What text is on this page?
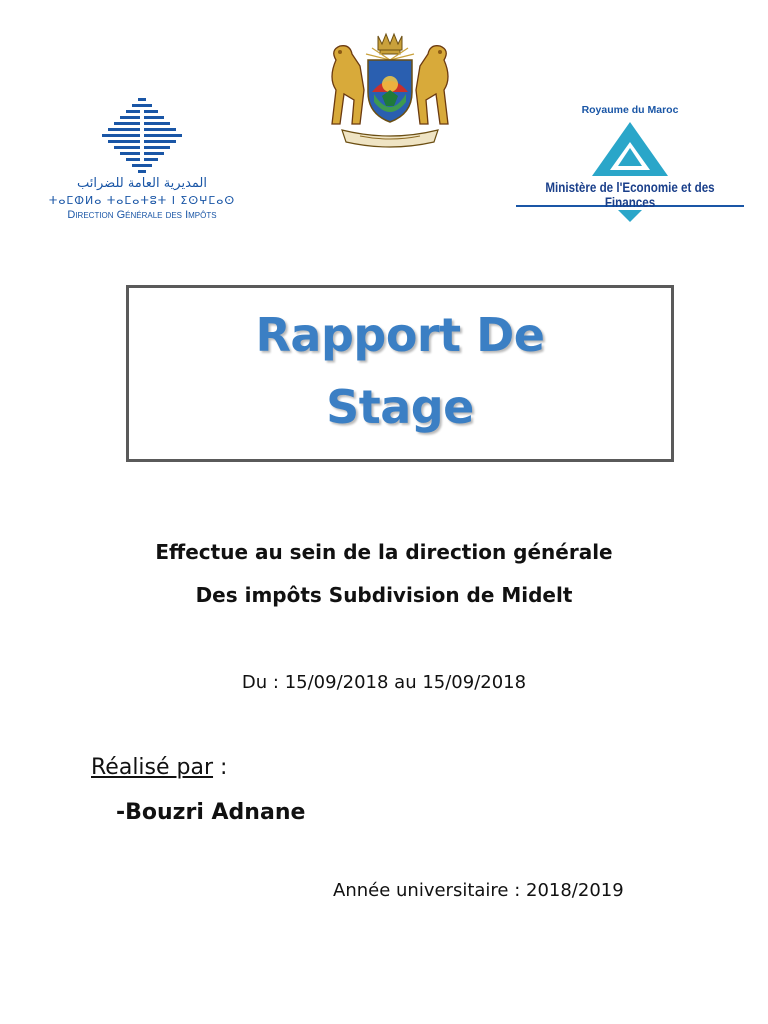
المديرية العامة للضرائب
ⵜⴰⵎⵀⵍⴰ ⵜⴰⵎⴰⵜⵓⵜ ⵏ ⵉⵙⵖⵎⴰⵙ
Direction Générale des Impôts
Royaume du Maroc
Ministère de l'Economie et des Finances
Rapport De
Stage
Effectue au sein de la direction générale
Des impôts Subdivision de Midelt
Du : 15/09/2018 au 15/09/2018
Réalisé par :
-Bouzri Adnane
Année universitaire : 2018/2019
